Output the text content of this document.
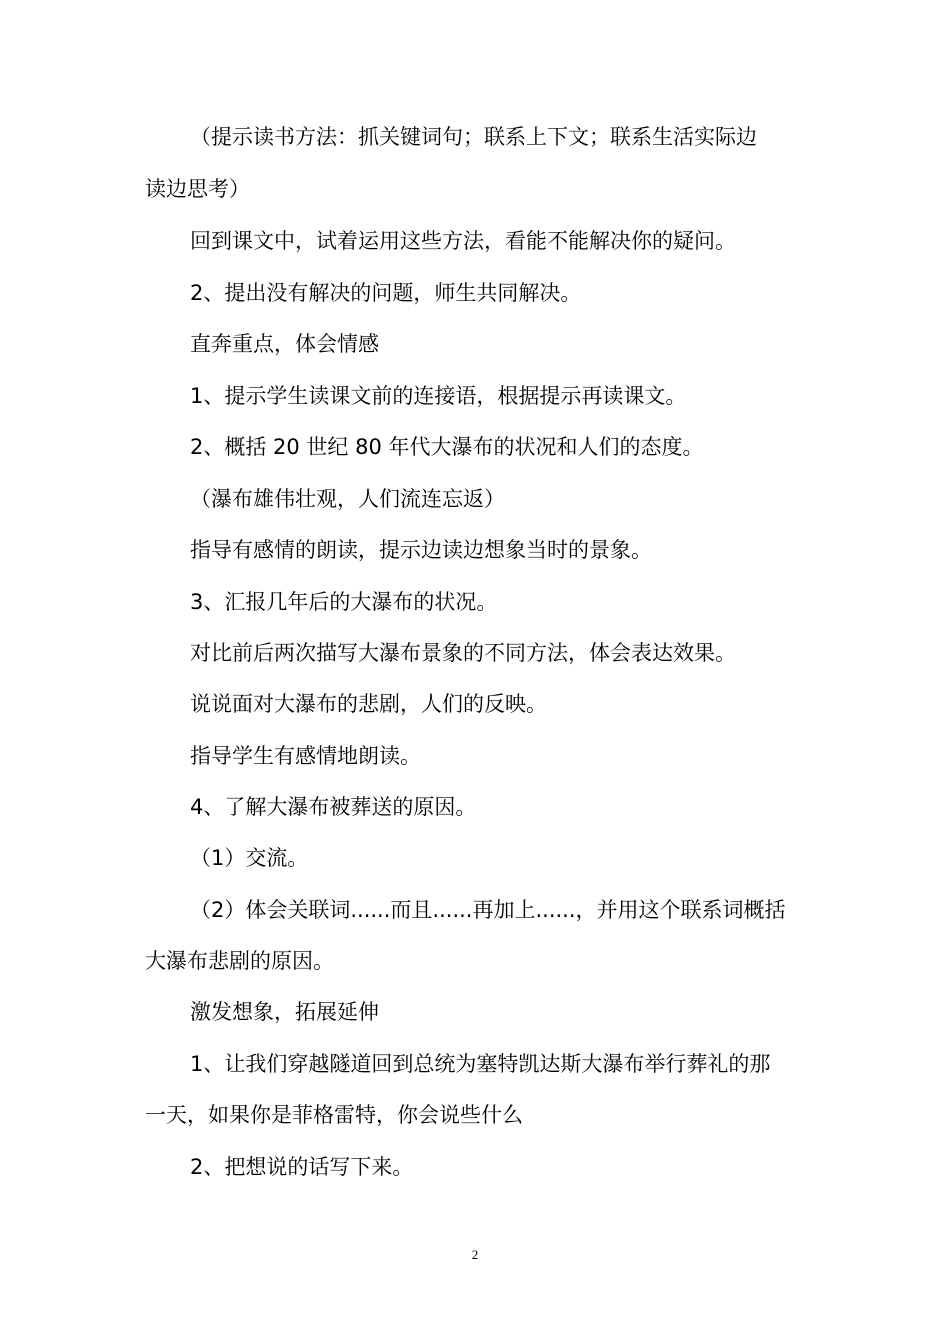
（提示读书方法：抓关键词句；联系上下文；联系生活实际边
读边思考）
回到课文中，试着运用这些方法，看能不能解决你的疑问。
2、提出没有解决的问题，师生共同解决。
直奔重点，体会情感
1、提示学生读课文前的连接语，根据提示再读课文。
2、概括 20 世纪 80 年代大瀑布的状况和人们的态度。
（瀑布雄伟壮观，人们流连忘返）
指导有感情的朗读，提示边读边想象当时的景象。
3、汇报几年后的大瀑布的状况。
对比前后两次描写大瀑布景象的不同方法，体会表达效果。
说说面对大瀑布的悲剧，人们的反映。
指导学生有感情地朗读。
4、了解大瀑布被葬送的原因。
（1）交流。
（2）体会关联词......而且......再加上......，并用这个联系词概括
大瀑布悲剧的原因。
激发想象，拓展延伸
1、让我们穿越隧道回到总统为塞特凯达斯大瀑布举行葬礼的那
一天，如果你是菲格雷特，你会说些什么
2、把想说的话写下来。
2
